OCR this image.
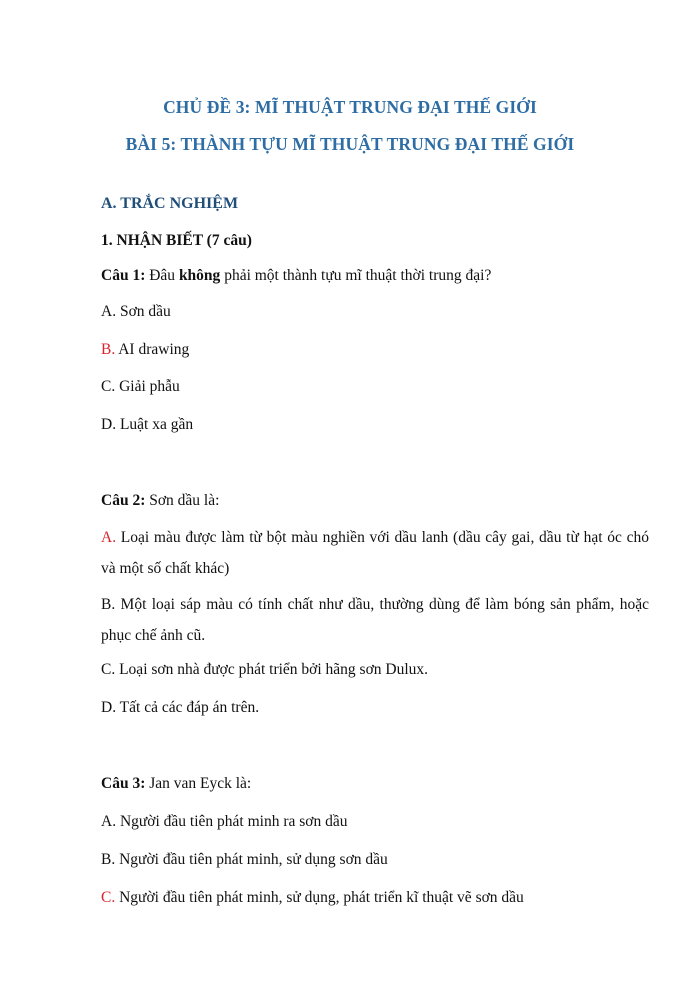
CHỦ ĐỀ 3: MĨ THUẬT TRUNG ĐẠI THẾ GIỚI
BÀI 5: THÀNH TỰU MĨ THUẬT TRUNG ĐẠI THẾ GIỚI
A. TRẮC NGHIỆM
1. NHẬN BIẾT (7 câu)
Câu 1: Đâu không phải một thành tựu mĩ thuật thời trung đại?
A. Sơn dầu
B. AI drawing
C. Giải phẫu
D. Luật xa gần
Câu 2: Sơn dầu là:
A. Loại màu được làm từ bột màu nghiền với dầu lanh (dầu cây gai, dầu từ hạt óc chó và một số chất khác)
B. Một loại sáp màu có tính chất như dầu, thường dùng để làm bóng sản phẩm, hoặc phục chế ảnh cũ.
C. Loại sơn nhà được phát triển bởi hãng sơn Dulux.
D. Tất cả các đáp án trên.
Câu 3: Jan van Eyck là:
A. Người đầu tiên phát minh ra sơn dầu
B. Người đầu tiên phát minh, sử dụng sơn dầu
C. Người đầu tiên phát minh, sử dụng, phát triển kĩ thuật vẽ sơn dầu
